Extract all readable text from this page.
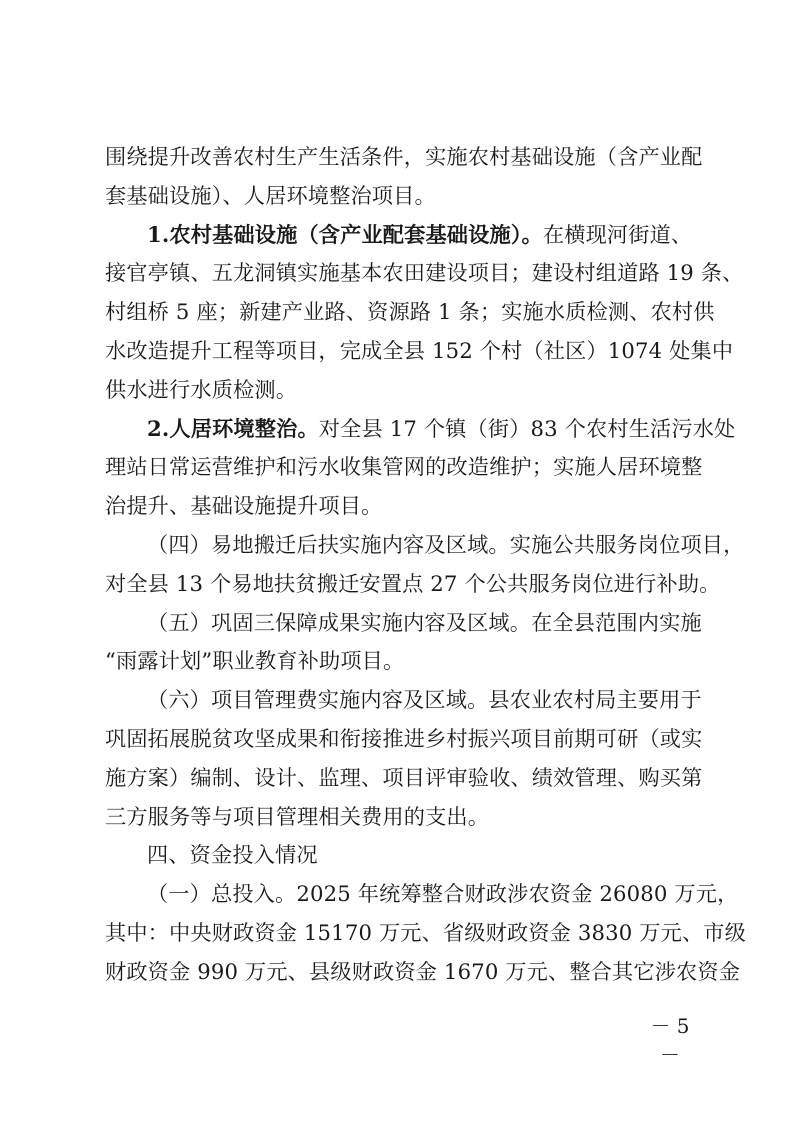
围绕提升改善农村生产生活条件，实施农村基础设施（含产业配
套基础设施）、人居环境整治项目。

1.农村基础设施（含产业配套基础设施）。在横现河街道、
接官亭镇、五龙洞镇实施基本农田建设项目；建设村组道路 19 条、
村组桥 5 座；新建产业路、资源路 1 条；实施水质检测、农村供
水改造提升工程等项目，完成全县 152 个村（社区）1074 处集中
供水进行水质检测。

2.人居环境整治。对全县 17 个镇（街）83 个农村生活污水处
理站日常运营维护和污水收集管网的改造维护；实施人居环境整
治提升、基础设施提升项目。

（四）易地搬迁后扶实施内容及区域。实施公共服务岗位项目，
对全县 13 个易地扶贫搬迁安置点 27 个公共服务岗位进行补助。

（五）巩固三保障成果实施内容及区域。在全县范围内实施
“雨露计划”职业教育补助项目。

（六）项目管理费实施内容及区域。县农业农村局主要用于
巩固拓展脱贫攻坚成果和衔接推进乡村振兴项目前期可研（或实
施方案）编制、设计、监理、项目评审验收、绩效管理、购买第
三方服务等与项目管理相关费用的支出。

四、资金投入情况

（一）总投入。2025 年统筹整合财政涉农资金 26080 万元，
其中：中央财政资金 15170 万元、省级财政资金 3830 万元、市级
财政资金 990 万元、县级财政资金 1670 万元、整合其它涉农资金

－ 5 －
